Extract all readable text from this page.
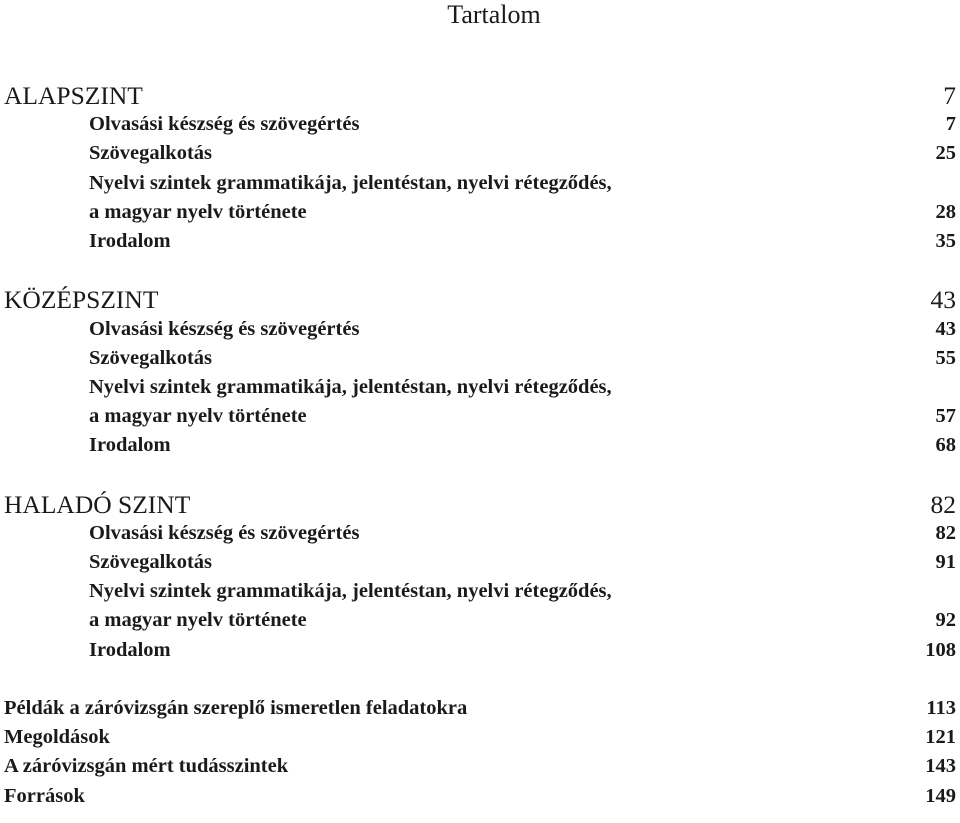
Tartalom
ALAPSZINT	7
Olvasási készség és szövegértés	7
Szövegalkotás	25
Nyelvi szintek grammatikája, jelentéstan, nyelvi rétegződés,
a magyar nyelv története	28
Irodalom	35
KÖZÉPSZINT	43
Olvasási készség és szövegértés	43
Szövegalkotás	55
Nyelvi szintek grammatikája, jelentéstan, nyelvi rétegződés,
a magyar nyelv története	57
Irodalom	68
HALADÓ SZINT	82
Olvasási készség és szövegértés	82
Szövegalkotás	91
Nyelvi szintek grammatikája, jelentéstan, nyelvi rétegződés,
a magyar nyelv története	92
Irodalom	108
Példák a záróvizsgán szereplő ismeretlen feladatokra	113
Megoldások	121
A záróvizsgán mért tudásszintek	143
Források	149
